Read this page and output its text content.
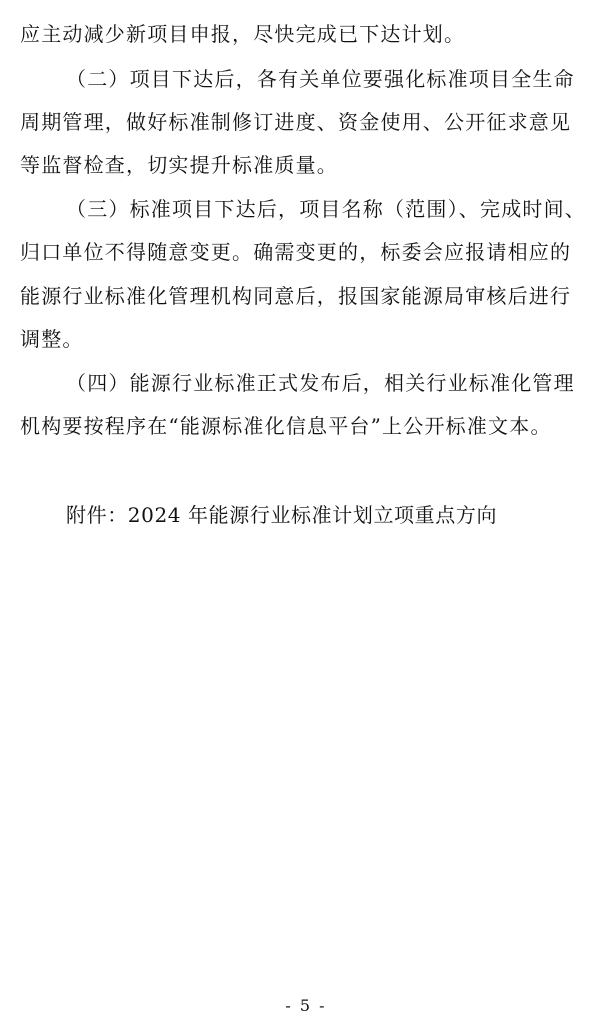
应主动减少新项目申报，尽快完成已下达计划。
（二）项目下达后，各有关单位要强化标准项目全生命
周期管理，做好标准制修订进度、资金使用、公开征求意见
等监督检查，切实提升标准质量。
（三）标准项目下达后，项目名称（范围）、完成时间、
归口单位不得随意变更。确需变更的，标委会应报请相应的
能源行业标准化管理机构同意后，报国家能源局审核后进行
调整。
（四）能源行业标准正式发布后，相关行业标准化管理
机构要按程序在“能源标准化信息平台”上公开标准文本。
附件：2024 年能源行业标准计划立项重点方向
- 5 -
